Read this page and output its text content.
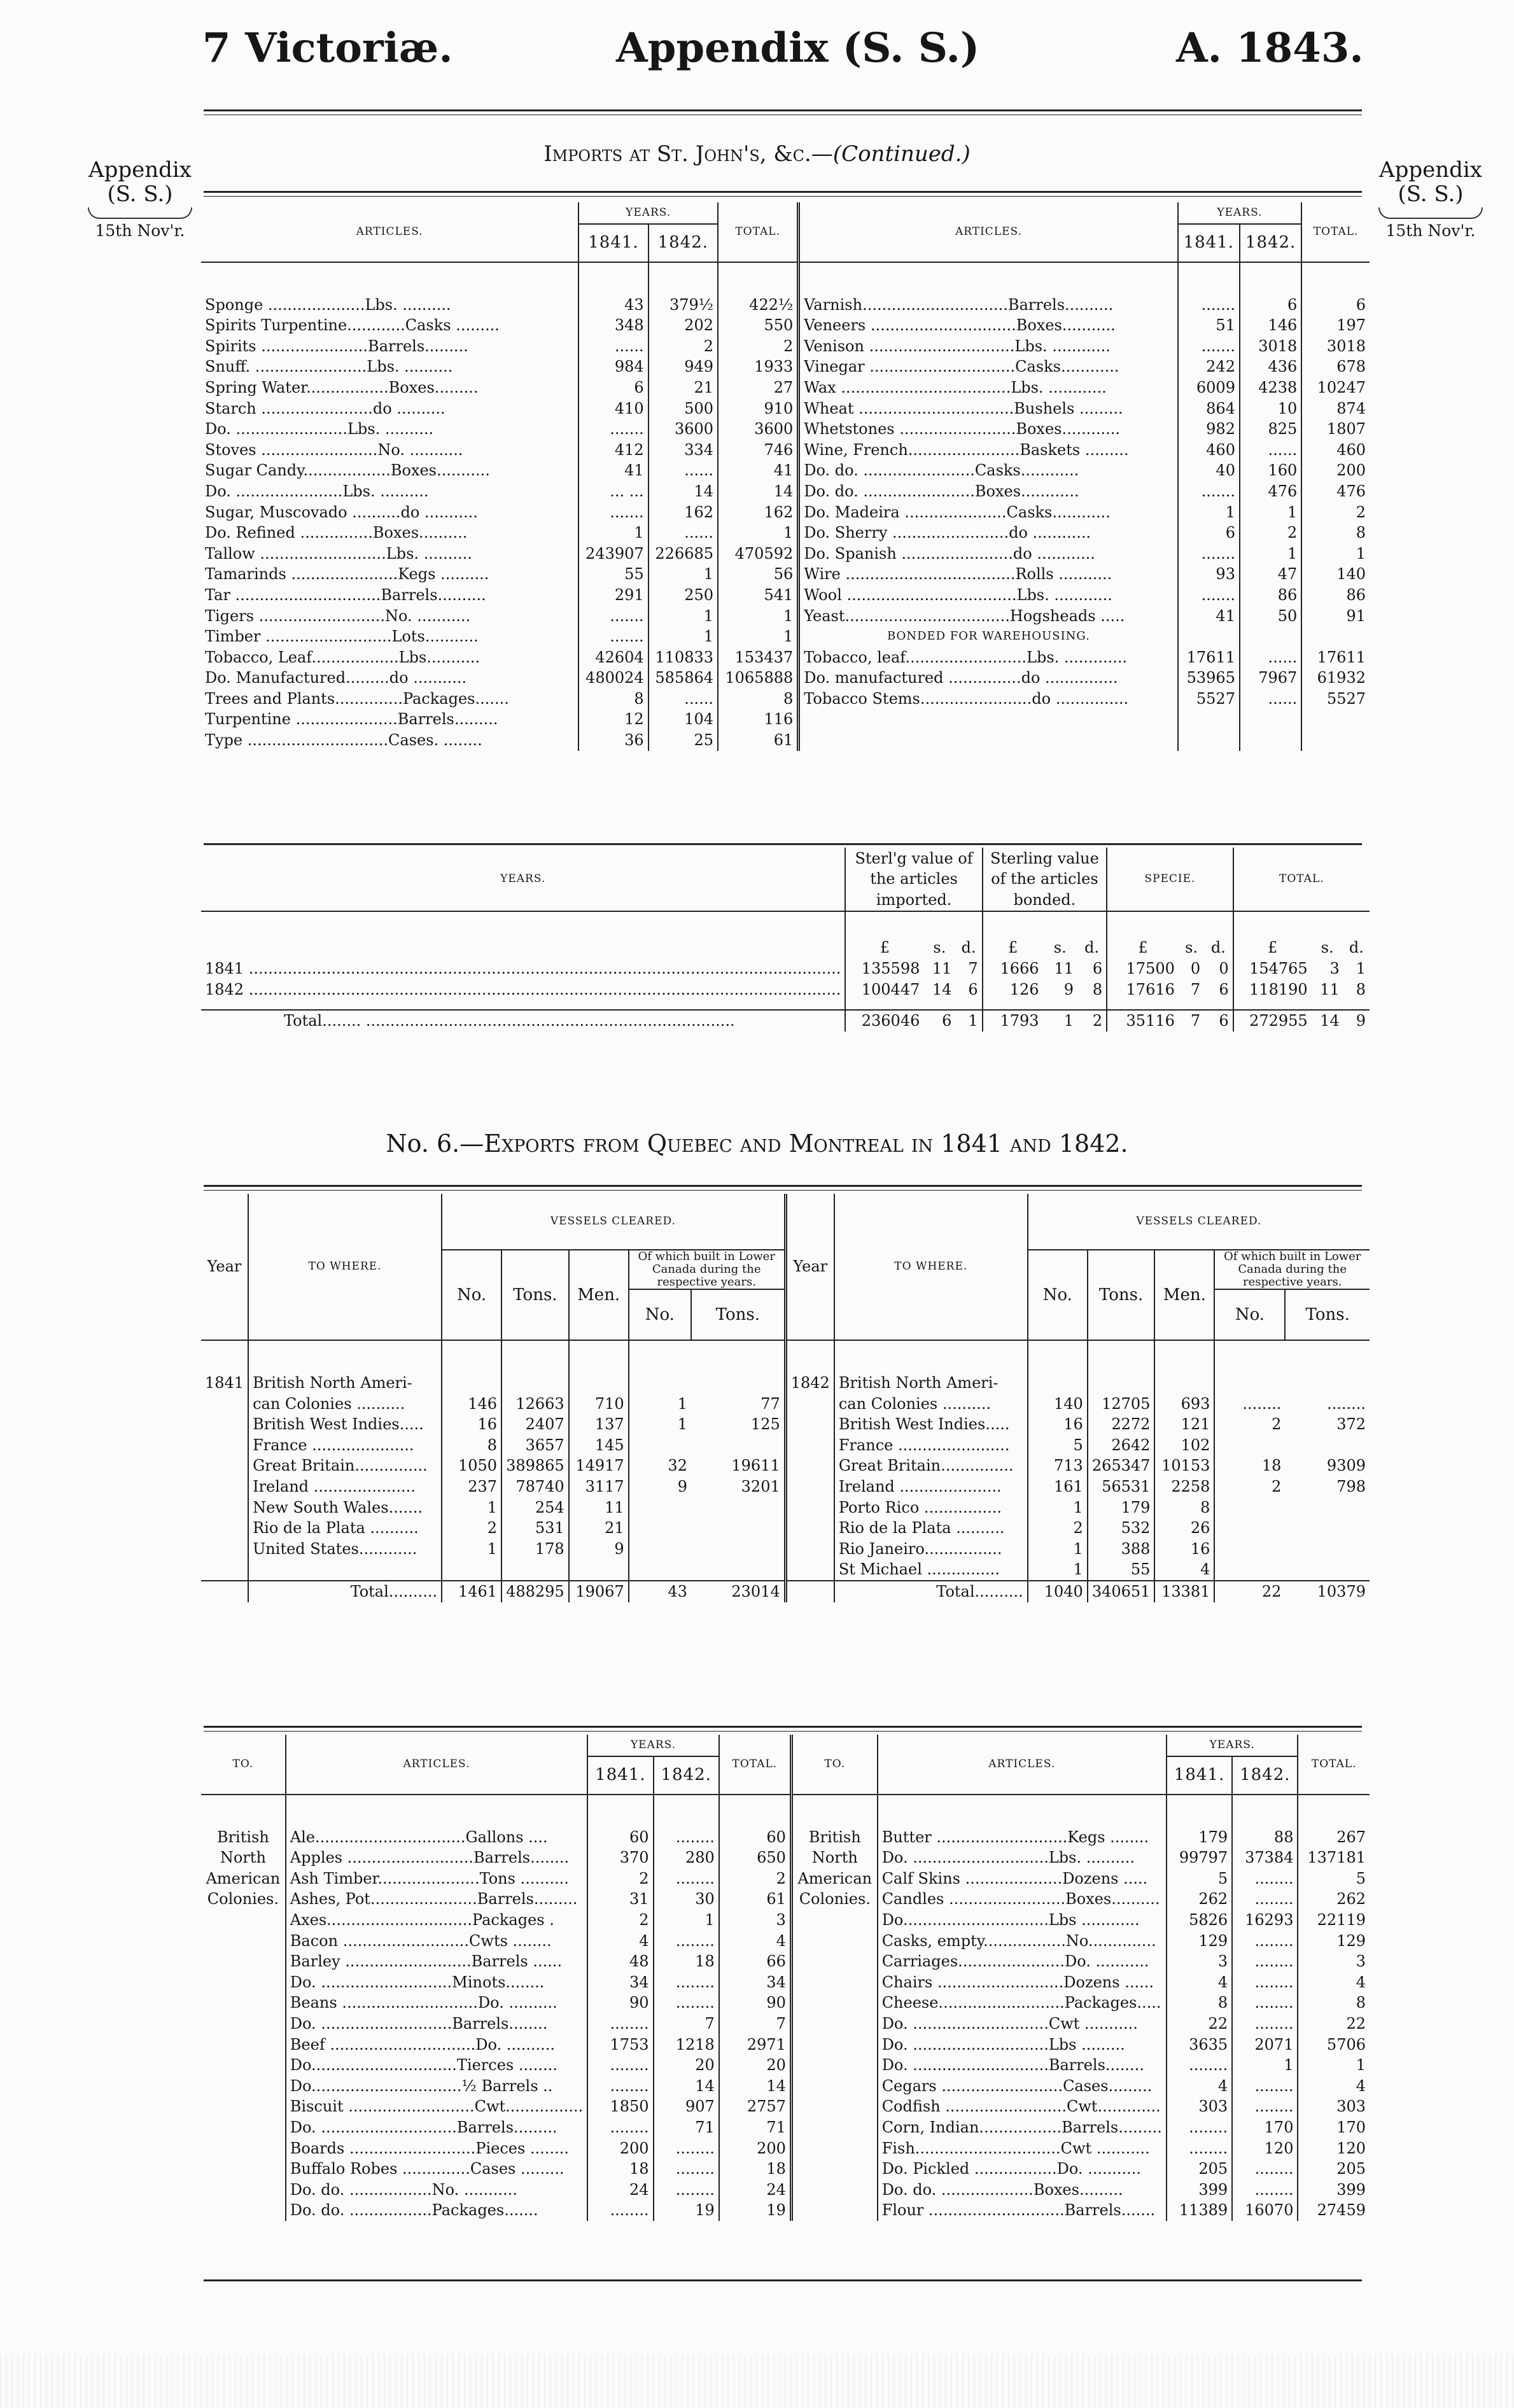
7 Victoriæ.	Appendix (S. S.)	A. 1843.
Appendix
(S. S.)
15th Nov'r.
Appendix
(S. S.)
15th Nov'r.
Imports at St. John's, &c.—(Continued.)
ARTICLES.	YEARS.		TOTAL.	ARTICLES.	YEARS.		TOTAL.
	1841.	1842.			1841.	1842.	

Sponge ....................Lbs. ..........	43	379½	422½	Varnish..............................Barrels..........	.......	6	6
Spirits Turpentine............Casks .........	348	202	550	Veneers ..............................Boxes...........	51	146	197
Spirits ......................Barrels.........	......	2	2	Venison ..............................Lbs. ............	.......	3018	3018
Snuff. .......................Lbs. ..........	984	949	1933	Vinegar ..............................Casks............	242	436	678
Spring Water.................Boxes.........	6	21	27	Wax ...................................Lbs. ............	6009	4238	10247
Starch .......................do ..........	410	500	910	Wheat ................................Bushels .........	864	10	874
Do. .......................Lbs. ..........	.......	3600	3600	Whetstones ........................Boxes............	982	825	1807
Stoves ........................No. ...........	412	334	746	Wine, French.......................Baskets .........	460	......	460
Sugar Candy..................Boxes...........	41	......	41	Do. do. .......................Casks............	40	160	200
Do. ......................Lbs. ..........	... ...	14	14	Do. do. .......................Boxes............	.......	476	476
Sugar, Muscovado ..........do ...........	.......	162	162	Do. Madeira .....................Casks............	1	1	2
Do. Refined ...............Boxes..........	1	......	1	Do. Sherry ........................do ............	6	2	8
Tallow ..........................Lbs. ..........	243907	226685	470592	Do. Spanish .......................do ............	.......	1	1
Tamarinds ......................Kegs ..........	55	1	56	Wire ...................................Rolls ...........	93	47	140
Tar ..............................Barrels..........	291	250	541	Wool ...................................Lbs. ............	.......	86	86
Tigers ..........................No. ...........	.......	1	1	Yeast..................................Hogsheads .....	41	50	91
Timber ..........................Lots...........	.......	1	1	BONDED FOR WAREHOUSING.			
Tobacco, Leaf..................Lbs...........	42604	110833	153437	Tobacco, leaf.........................Lbs. .............	17611	......	17611
Do. Manufactured.........do ...........	480024	585864	1065888	Do. manufactured ...............do ...............	53965	7967	61932
Trees and Plants..............Packages.......	8	......	8	Tobacco Stems.......................do ...............	5527	......	5527
Turpentine .....................Barrels.........	12	104	116				
Type .............................Cases. ........	36	25	61				
YEARS.	Sterl'g value of the articles imported.			Sterling value of the articles bonded.			SPECIE.			TOTAL.		
	£	s.	d.	£	s.	d.	£	s.	d.	£	s.	d.
1841 ..........................................................................................................................	135598	11	7	1666	11	6	17500	0	0	154765	3	1
1842 ..........................................................................................................................	100447	14	6	126	9	8	17616	7	6	118190	11	8

Total........ ............................................................................	236046	6	1	1793	1	2	35116	7	6	272955	14	9
No. 6.—Exports from Quebec and Montreal in 1841 and 1842.
Year	TO WHERE.	VESSELS CLEARED.					Year	TO WHERE.	VESSELS CLEARED.				
		No.	Tons.	Men.	Of which built in Lower Canada during the respective years.				No.	Tons.	Men.	Of which built in Lower Canada during the respective years.	
					No.	Tons.						No.	Tons.

1841	British North Ameri-						1842	British North Ameri-					
	can Colonies ..........	146	12663	710	1	77		can Colonies ..........	140	12705	693	........	........
	British West Indies.....	16	2407	137	1	125		British West Indies.....	16	2272	121	2	372
	France .....................	8	3657	145				France .......................	5	2642	102		
	Great Britain...............	1050	389865	14917	32	19611		Great Britain...............	713	265347	10153	18	9309
	Ireland .....................	237	78740	3117	9	3201		Ireland .....................	161	56531	2258	2	798
	New South Wales.......	1	254	11				Porto Rico ................	1	179	8		
	Rio de la Plata ..........	2	531	21				Rio de la Plata ..........	2	532	26		
	United States............	1	178	9				Rio Janeiro................	1	388	16		
								St Michael ...............	1	55	4		
	Total..........	1461	488295	19067	43	23014		Total..........	1040	340651	13381	22	10379
TO.	ARTICLES.	YEARS.		TOTAL.	TO.	ARTICLES.	YEARS.		TOTAL.
		1841.	1842.				1841.	1842.	

British	Ale...............................Gallons ....	60	........	60	British	Butter ...........................Kegs ........	179	88	267
North	Apples ..........................Barrels........	370	280	650	North	Do. ............................Lbs. ..........	99797	37384	137181
American	Ash Timber.....................Tons ..........	2	........	2	American	Calf Skins ....................Dozens .....	5	........	5
Colonies.	Ashes, Pot......................Barrels.........	31	30	61	Colonies.	Candles ........................Boxes..........	262	........	262
	Axes..............................Packages .	2	1	3		Do..............................Lbs ............	5826	16293	22119
	Bacon ..........................Cwts ........	4	........	4		Casks, empty.................No..............	129	........	129
	Barley ..........................Barrels ......	48	18	66		Carriages......................Do. ...........	3	........	3
	Do. ...........................Minots........	34	........	34		Chairs ..........................Dozens ......	4	........	4
	Beans ............................Do. ..........	90	........	90		Cheese..........................Packages.....	8	........	8
	Do. ...........................Barrels........	........	7	7		Do. ............................Cwt ...........	22	........	22
	Beef ..............................Do. ..........	1753	1218	2971		Do. ............................Lbs .........	3635	2071	5706
	Do..............................Tierces ........	........	20	20		Do. ............................Barrels........	........	1	1
	Do...............................½ Barrels ..	........	14	14		Cegars .........................Cases.........	4	........	4
	Biscuit ..........................Cwt................	1850	907	2757		Codfish .........................Cwt.............	303	........	303
	Do. ............................Barrels.........	........	71	71		Corn, Indian.................Barrels.........	........	170	170
	Boards ..........................Pieces ........	200	........	200		Fish..............................Cwt ...........	........	120	120
	Buffalo Robes ..............Cases .........	18	........	18		Do. Pickled .................Do. ...........	205	........	205
	Do. do. .................No. ...........	24	........	24		Do. do. ...................Boxes.........	399	........	399
	Do. do. .................Packages.......	........	19	19		Flour ............................Barrels.......	11389	16070	27459
